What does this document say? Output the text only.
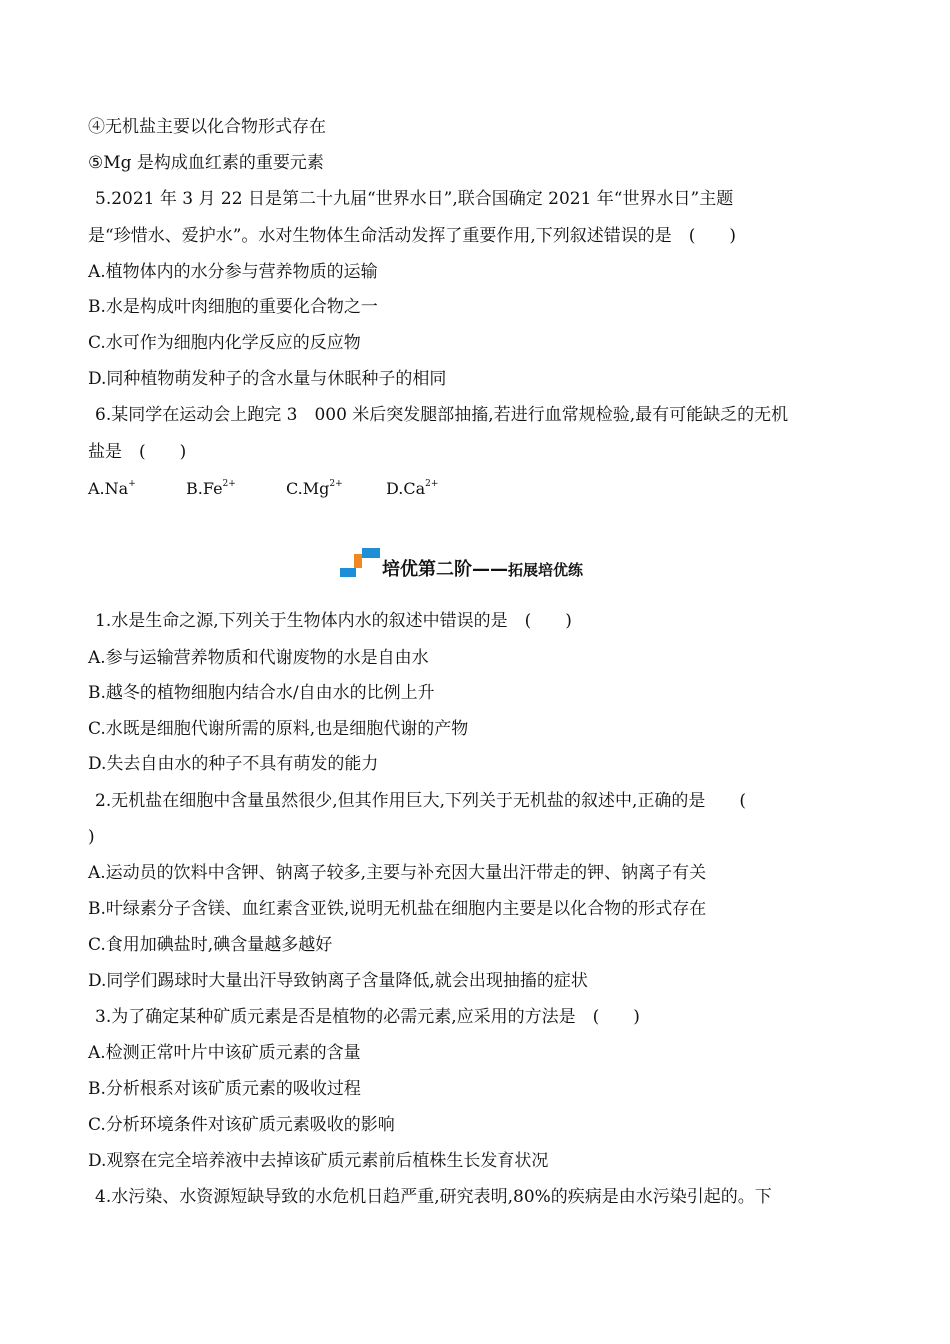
④无机盐主要以化合物形式存在
⑤Mg 是构成血红素的重要元素
5.2021 年 3 月 22 日是第二十九届“世界水日”,联合国确定 2021 年“世界水日”主题
是“珍惜水、爱护水”。水对生物体生命活动发挥了重要作用,下列叙述错误的是　(　　)
A.植物体内的水分参与营养物质的运输
B.水是构成叶肉细胞的重要化合物之一
C.水可作为细胞内化学反应的反应物
D.同种植物萌发种子的含水量与休眠种子的相同
6.某同学在运动会上跑完 3　000 米后突发腿部抽搐,若进行血常规检验,最有可能缺乏的无机
盐是　(　　)
A.Na+	$B.Fe^{2+}$	$C.Mg^{2+}$	$D.Ca^{2+}$
培优第二阶——拓展培优练
1.水是生命之源,下列关于生物体内水的叙述中错误的是　(　　)
A.参与运输营养物质和代谢废物的水是自由水
B.越冬的植物细胞内结合水/自由水的比例上升
C.水既是细胞代谢所需的原料,也是细胞代谢的产物
D.失去自由水的种子不具有萌发的能力
2.无机盐在细胞中含量虽然很少,但其作用巨大,下列关于无机盐的叙述中,正确的是　　(
)
A.运动员的饮料中含钾、钠离子较多,主要与补充因大量出汗带走的钾、钠离子有关
B.叶绿素分子含镁、血红素含亚铁,说明无机盐在细胞内主要是以化合物的形式存在
C.食用加碘盐时,碘含量越多越好
D.同学们踢球时大量出汗导致钠离子含量降低,就会出现抽搐的症状
3.为了确定某种矿质元素是否是植物的必需元素,应采用的方法是　(　　)
A.检测正常叶片中该矿质元素的含量
B.分析根系对该矿质元素的吸收过程
C.分析环境条件对该矿质元素吸收的影响
D.观察在完全培养液中去掉该矿质元素前后植株生长发育状况
4.水污染、水资源短缺导致的水危机日趋严重,研究表明,80%的疾病是由水污染引起的。下
